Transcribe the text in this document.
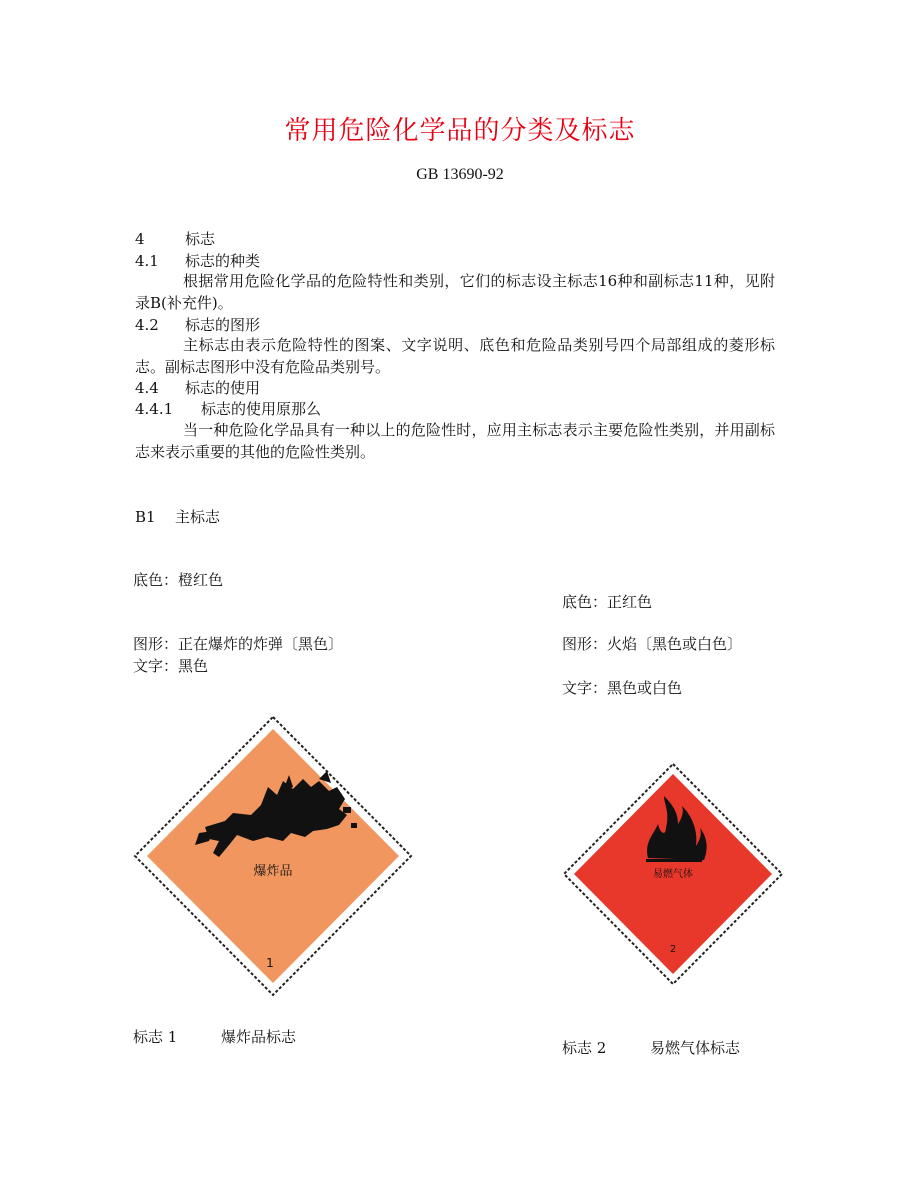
常用危险化学品的分类及标志
GB 13690-92
4	标志
4.1 标志的种类
根据常用危险化学品的危险特性和类别，它们的标志设主标志16种和副标志11种，见附录B(补充件)。
4.2 标志的图形
主标志由表示危险特性的图案、文字说明、底色和危险品类别号四个局部组成的菱形标志。副标志图形中没有危险品类别号。
4.4 标志的使用
4.4.1 标志的使用原那么
当一种危险化学品具有一种以上的危险性时，应用主标志表示主要危险性类别，并用副标志来表示重要的其他的危险性类别。
B1 主标志
底色：橙红色
图形：正在爆炸的炸弹〔黑色〕
文字：黑色
底色：正红色
图形：火焰〔黑色或白色〕
文字：黑色或白色
爆炸品
1
易燃气体
2
标志 1	爆炸品标志
标志 2	易燃气体标志
